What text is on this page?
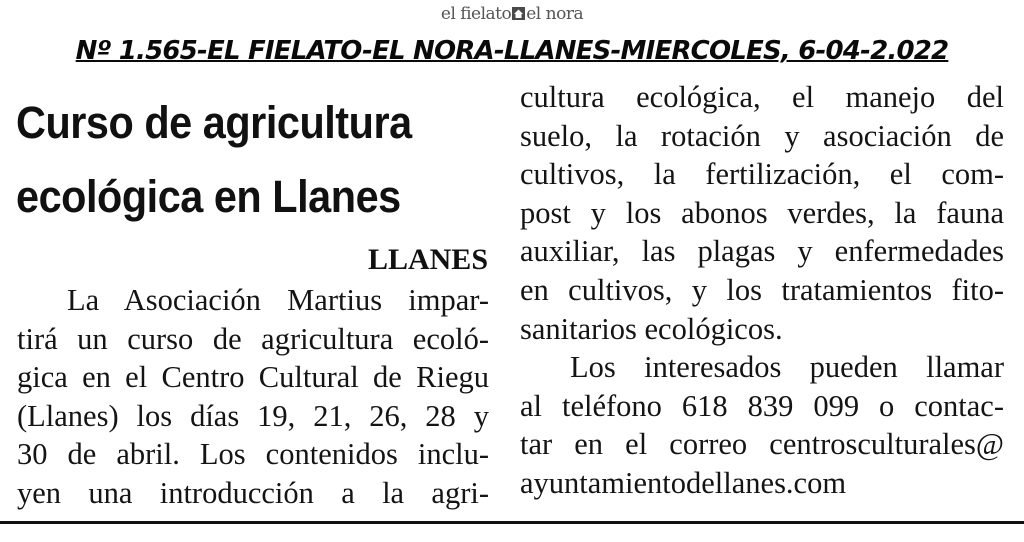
el fielato el nora
Nº 1.565-EL FIELATO-EL NORA-LLANES-MIERCOLES, 6-04-2.022
Curso de agricultura
ecológica en Llanes
LLANES
La Asociación Martius impar-
tirá un curso de agricultura ecoló-
gica en el Centro Cultural de Riegu
(Llanes) los días 19, 21, 26, 28 y
30 de abril. Los contenidos inclu-
yen una introducción a la agri-
cultura ecológica, el manejo del
suelo, la rotación y asociación de
cultivos, la fertilización, el com-
post y los abonos verdes, la fauna
auxiliar, las plagas y enfermedades
en cultivos, y los tratamientos fito-
sanitarios ecológicos.
Los interesados pueden llamar
al teléfono 618 839 099 o contac-
tar en el correo centrosculturales@
ayuntamientodellanes.com
